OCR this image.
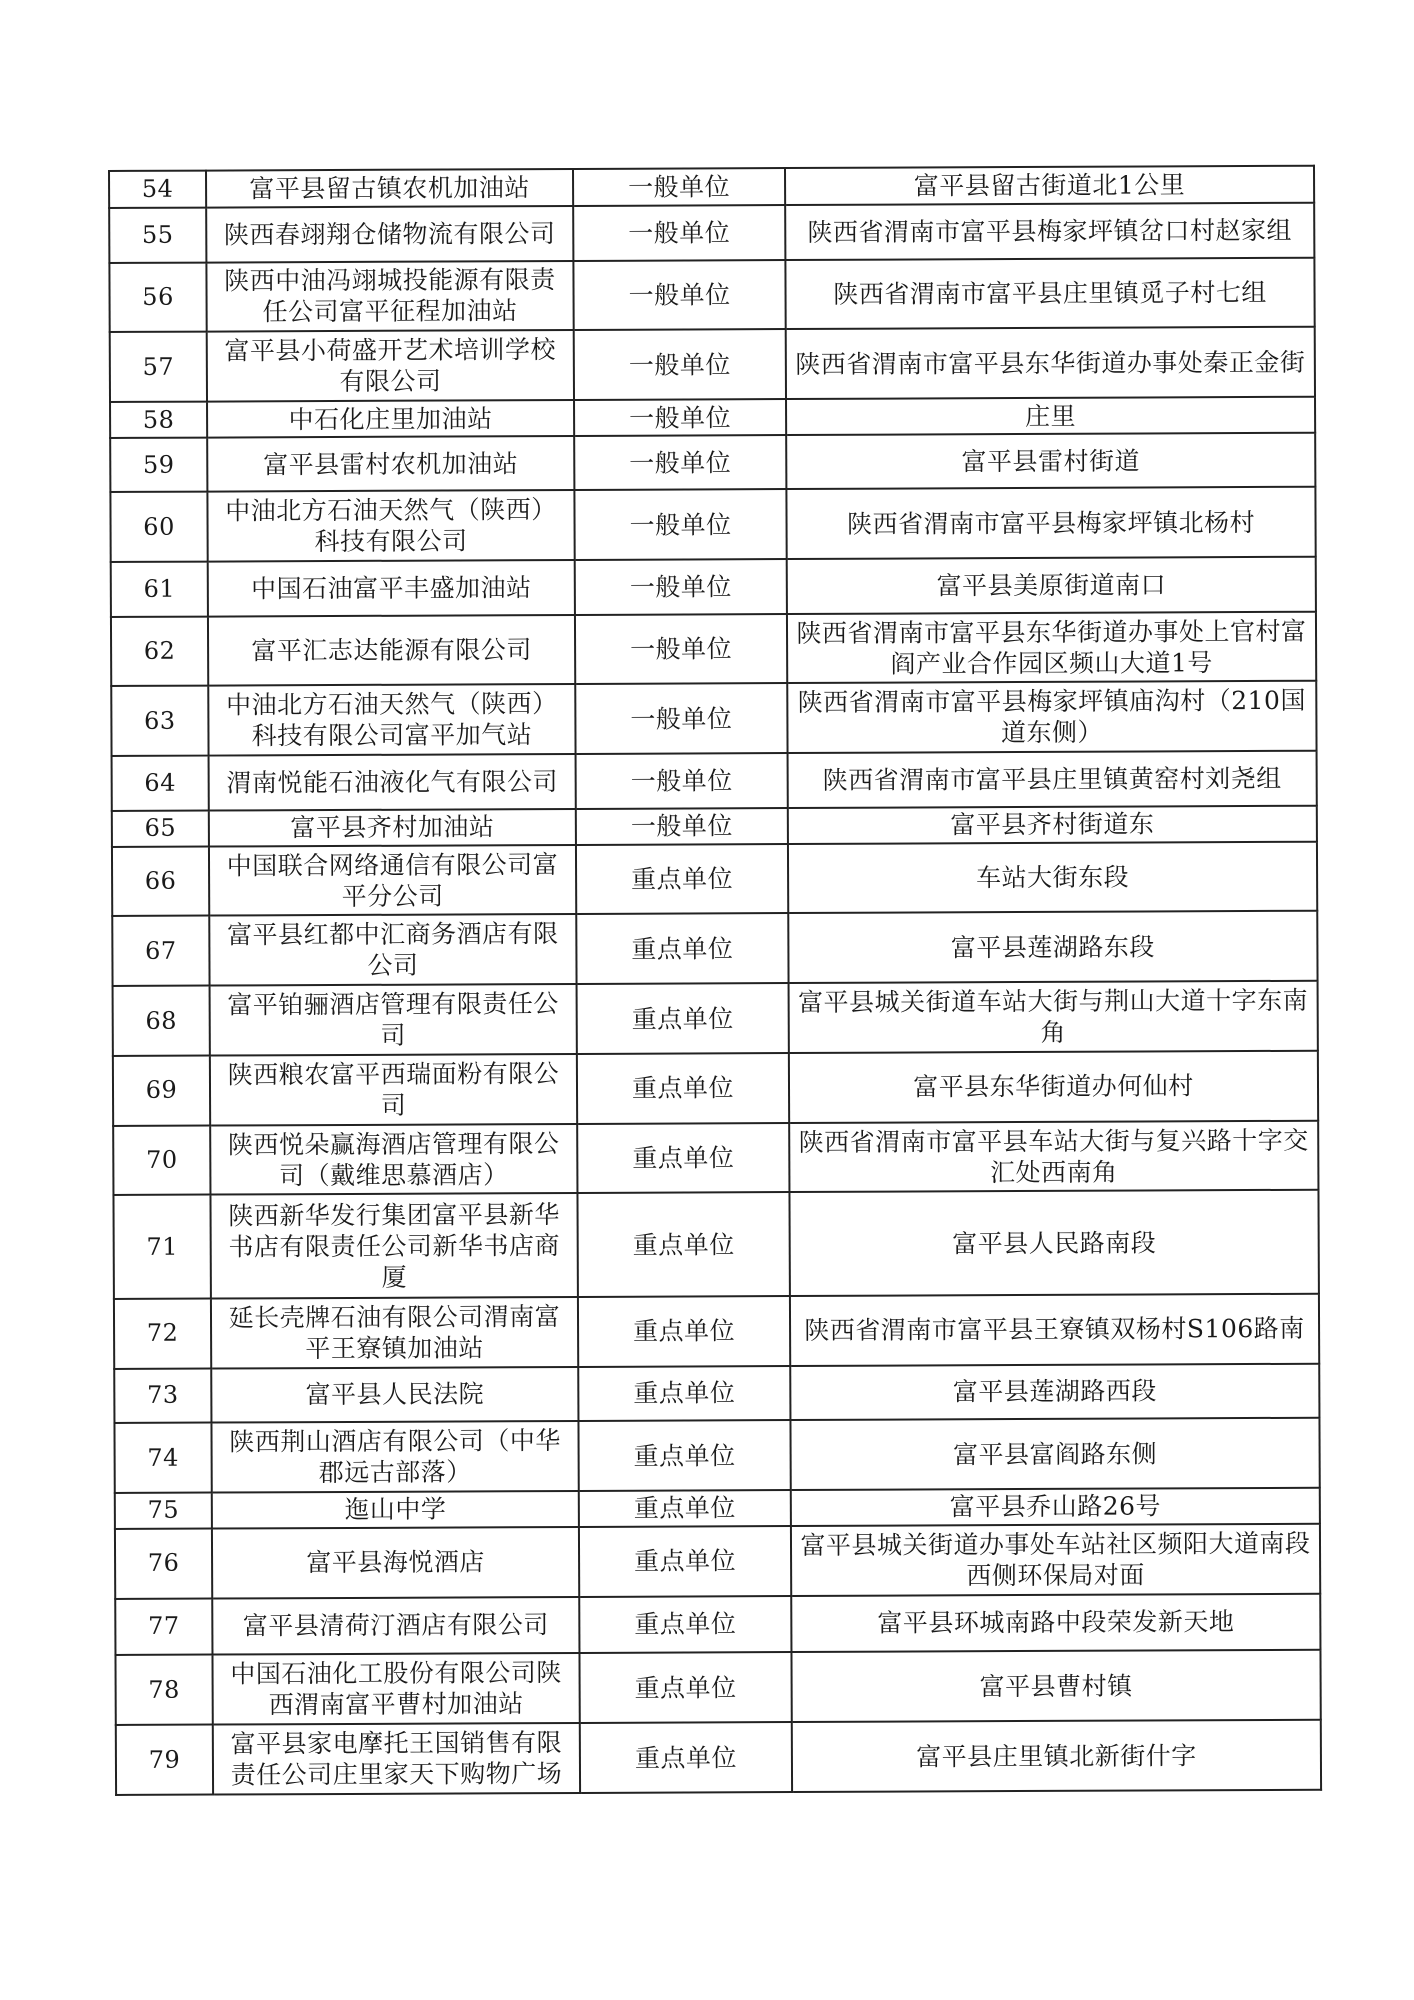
54	富平县留古镇农机加油站	一般单位	富平县留古街道北1公里
55	陕西春翊翔仓储物流有限公司	一般单位	陕西省渭南市富平县梅家坪镇岔口村赵家组
56	陕西中油冯翊城投能源有限责任公司富平征程加油站	一般单位	陕西省渭南市富平县庄里镇觅子村七组
57	富平县小荷盛开艺术培训学校有限公司	一般单位	陕西省渭南市富平县东华街道办事处秦正金街
58	中石化庄里加油站	一般单位	庄里
59	富平县雷村农机加油站	一般单位	富平县雷村街道
60	中油北方石油天然气（陕西）科技有限公司	一般单位	陕西省渭南市富平县梅家坪镇北杨村
61	中国石油富平丰盛加油站	一般单位	富平县美原街道南口
62	富平汇志达能源有限公司	一般单位	陕西省渭南市富平县东华街道办事处上官村富阎产业合作园区频山大道1号
63	中油北方石油天然气（陕西）科技有限公司富平加气站	一般单位	陕西省渭南市富平县梅家坪镇庙沟村（210国道东侧）
64	渭南悦能石油液化气有限公司	一般单位	陕西省渭南市富平县庄里镇黄窑村刘尧组
65	富平县齐村加油站	一般单位	富平县齐村街道东
66	中国联合网络通信有限公司富平分公司	重点单位	车站大街东段
67	富平县红都中汇商务酒店有限公司	重点单位	富平县莲湖路东段
68	富平铂骊酒店管理有限责任公司	重点单位	富平县城关街道车站大街与荆山大道十字东南角
69	陕西粮农富平西瑞面粉有限公司	重点单位	富平县东华街道办何仙村
70	陕西悦朵赢海酒店管理有限公司（戴维思慕酒店）	重点单位	陕西省渭南市富平县车站大街与复兴路十字交汇处西南角
71	陕西新华发行集团富平县新华书店有限责任公司新华书店商厦	重点单位	富平县人民路南段
72	延长壳牌石油有限公司渭南富平王寮镇加油站	重点单位	陕西省渭南市富平县王寮镇双杨村S106路南
73	富平县人民法院	重点单位	富平县莲湖路西段
74	陕西荆山酒店有限公司（中华郡远古部落）	重点单位	富平县富阎路东侧
75	迤山中学	重点单位	富平县乔山路26号
76	富平县海悦酒店	重点单位	富平县城关街道办事处车站社区频阳大道南段西侧环保局对面
77	富平县清荷汀酒店有限公司	重点单位	富平县环城南路中段荣发新天地
78	中国石油化工股份有限公司陕西渭南富平曹村加油站	重点单位	富平县曹村镇
79	富平县家电摩托王国销售有限责任公司庄里家天下购物广场	重点单位	富平县庄里镇北新街什字
